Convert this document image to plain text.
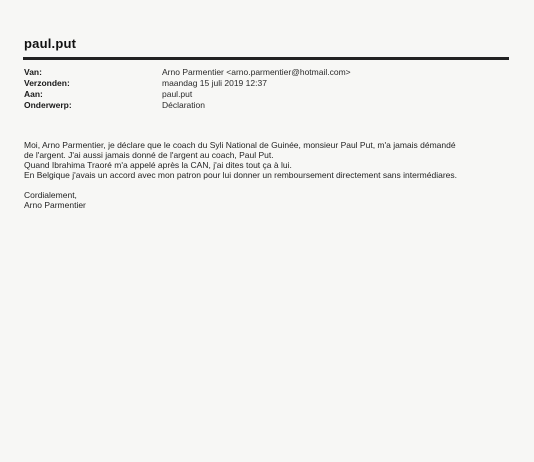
paul.put
Van:	Arno Parmentier <arno.parmentier@hotmail.com>
Verzonden:	maandag 15 juli 2019 12:37
Aan:	paul.put
Onderwerp:	Déclaration
Moi, Arno Parmentier, je déclare que le coach du Syli National de Guinée, monsieur Paul Put, m'a jamais démandé
de l'argent. J'ai aussi jamais donné de l'argent au coach, Paul Put.
Quand Ibrahima Traoré m'a appelé après la CAN, j'ai dites tout ça à lui.
En Belgique j'avais un accord avec mon patron pour lui donner un remboursement directement sans intermédiares.
Cordialement,
Arno Parmentier
